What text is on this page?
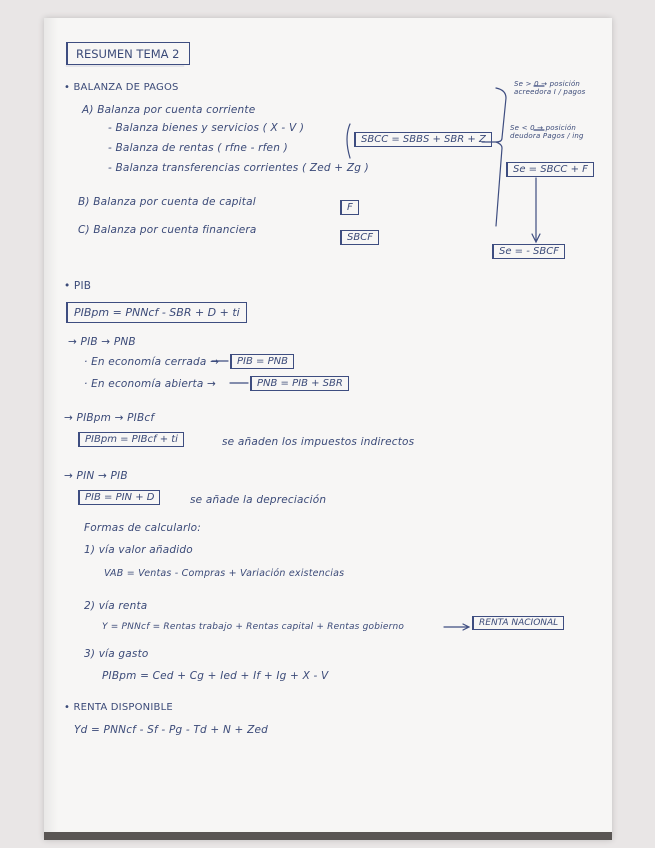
RESUMEN TEMA 2
• BALANZA DE PAGOS
A) Balanza por cuenta corriente
- Balanza bienes y servicios ( X - V )
- Balanza de rentas ( rfne - rfen )
- Balanza transferencias corrientes ( Zed + Zg )
B) Balanza por cuenta de capital
C) Balanza por cuenta financiera
SBCC = SBBS + SBR + Z
F
SBCF
Se > 0 → posición acreedora I / pagos
Se < 0 → posición deudora Pagos / ing
Se = SBCC + F
Se = - SBCF
• PIB
PIBpm = PNNcf - SBR + D + ti
→ PIB → PNB
· En economía cerrada →	PIB = PNB
· En economía abierta →	PNB = PIB + SBR
→ PIBpm → PIBcf
PIBpm = PIBcf + ti	se añaden los impuestos indirectos
→ PIN → PIB
PIB = PIN + D	se añade la depreciación
Formas de calcularlo:
1) vía valor añadido
VAB = Ventas - Compras + Variación existencias
2) vía renta
Y = PNNcf = Rentas trabajo + Rentas capital + Rentas gobierno	RENTA NACIONAL
3) vía gasto
PIBpm = Ced + Cg + Ied + If + Ig + X - V
• RENTA DISPONIBLE
Yd = PNNcf - Sf - Pg - Td + N + Zed
